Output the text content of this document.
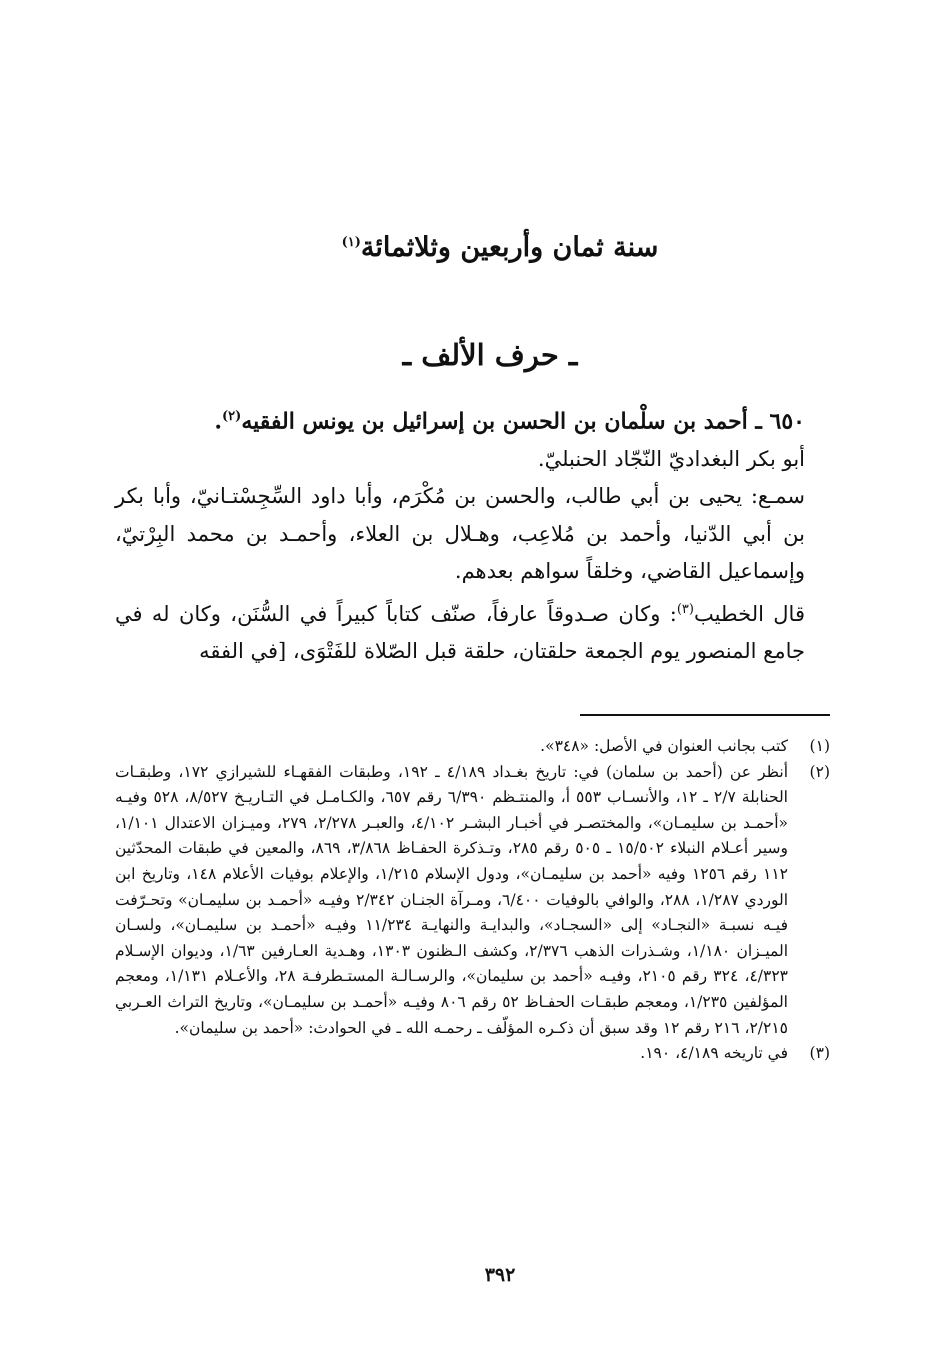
سنة ثمان وأربعين وثلاثمائة$^{(١)}$
ـ حرف الألف ـ

٦٥٠ ـ أحمد بن سلْمان بن الحسن بن إسرائيل بن يونس الفقيه$^{(٢)}$.

أبو بكر البغداديّ النّجّاد الحنبليّ.

سمـع: يحيى بن أبي طالب، والحسن بن مُكْرَم، وأبا داود السِّجِسْتـانيّ، وأبا بكر بن أبي الدّنيا، وأحمد بن مُلاعِب، وهـلال بن العلاء، وأحمـد بن محمد البِرْتيّ، وإسماعيل القاضي، وخلقاً سواهم بعدهم.

قال الخطيب$^{(٣)}$: وكان صـدوقاً عارفاً، صنّف كتاباً كبيراً في السُّنَن، وكان له في جامع المنصور يوم الجمعة حلقتان، حلقة قبل الصّلاة للفَتْوَى، [في الفقه

(١)
كتب بجانب العنوان في الأصل: «٣٤٨».

(٢)
أنظر عن (أحمد بن سلمان) في: تاريخ بغـداد ٤/١٨٩ ـ ١٩٢، وطبقات الفقهـاء للشيرازي ١٧٢، وطبقـات الحنابلة ٢/٧ ـ ١٢، والأنسـاب ٥٥٣ أ، والمنتـظم ٦/٣٩٠ رقم ٦٥٧، والكـامـل في التـاريـخ ٨/٥٢٧، ٥٢٨ وفيـه «أحمـد بن سليمـان»، والمختصـر في أخبـار البشـر ٤/١٠٢، والعبـر ٢/٢٧٨، ٢٧٩، وميـزان الاعتدال ١/١٠١، وسير أعـلام النبلاء ١٥/٥٠٢ ـ ٥٠٥ رقم ٢٨٥، وتـذكرة الحفـاظ ٣/٨٦٨، ٨٦٩، والمعين في طبقات المحدّثين ١١٢ رقم ١٢٥٦ وفيه «أحمد بن سليمـان»، ودول الإسلام ١/٢١٥، والإعلام بوفيات الأعلام ١٤٨، وتاريخ ابن الوردي ١/٢٨٧، ٢٨٨، والوافي بالوفيات ٦/٤٠٠، ومـرآة الجنـان ٢/٣٤٢ وفيـه «أحمـد بن سليمـان» وتحـرّفت فيـه نسبـة «النجـاد» إلى «السجـاد»، والبدايـة والنهايـة ١١/٢٣٤ وفيـه «أحمـد بن سليمـان»، ولسـان الميـزان ١/١٨٠، وشـذرات الذهب ٢/٣٧٦، وكشف الـظنون ١٣٠٣، وهـدية العـارفين ١/٦٣، وديوان الإسـلام ٤/٣٢٣، ٣٢٤ رقم ٢١٠٥، وفيـه «أحمد بن سليمان»، والرسـالـة المستـطرفـة ٢٨، والأعـلام ١/١٣١، ومعجم المؤلفين ١/٢٣٥، ومعجم طبقـات الحفـاظ ٥٢ رقم ٨٠٦ وفيـه «أحمـد بن سليمـان»، وتاريخ التراث العـربي ٢/٢١٥، ٢١٦ رقم ١٢ وقد سبق أن ذكـره المؤلّف ـ رحمـه الله ـ في الحوادث: «أحمد بن سليمان».

(٣)
في تاريخه ٤/١٨٩، ١٩٠.

٣٩٢
